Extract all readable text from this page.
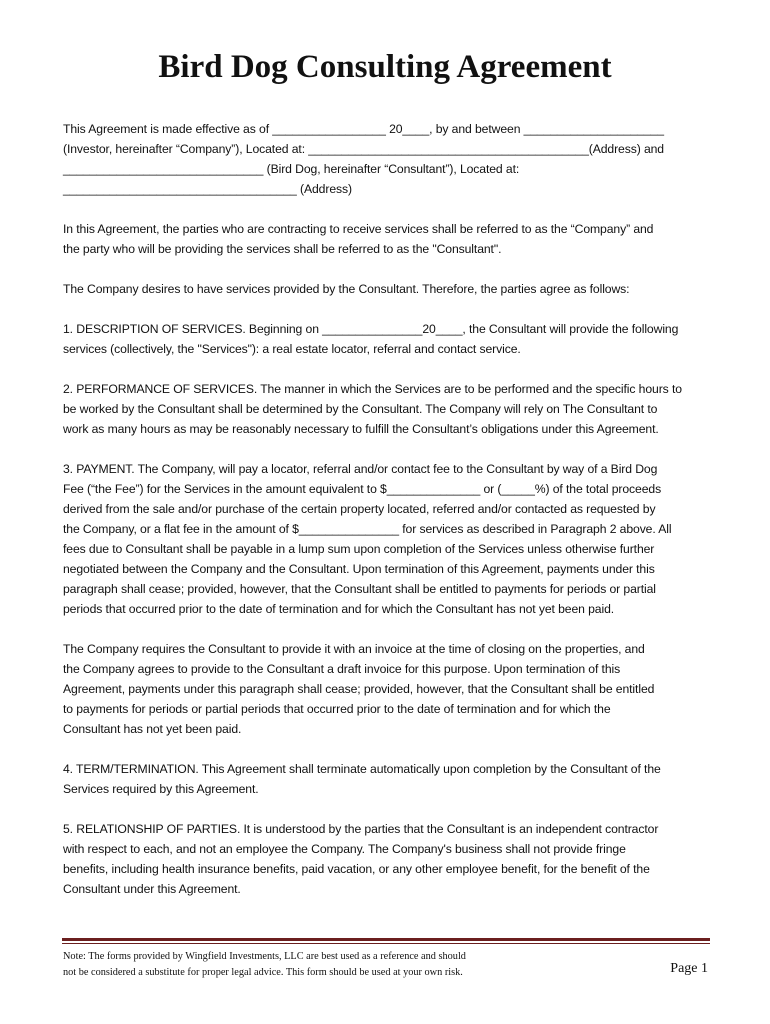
Bird Dog Consulting Agreement

This Agreement is made effective as of _________________ 20____, by and between _____________________
(Investor, hereinafter “Company”), Located at: __________________________________________(Address) and
______________________________ (Bird Dog, hereinafter “Consultant”), Located at:
___________________________________ (Address)

In this Agreement, the parties who are contracting to receive services shall be referred to as the “Company” and
the party who will be providing the services shall be referred to as the "Consultant".

The Company desires to have services provided by the Consultant. Therefore, the parties agree as follows:

1. DESCRIPTION OF SERVICES. Beginning on _______________20____, the Consultant will provide the following
services (collectively, the "Services"): a real estate locator, referral and contact service.

2. PERFORMANCE OF SERVICES. The manner in which the Services are to be performed and the specific hours to
be worked by the Consultant shall be determined by the Consultant. The Company will rely on The Consultant to
work as many hours as may be reasonably necessary to fulfill the Consultant’s obligations under this Agreement.

3. PAYMENT. The Company, will pay a locator, referral and/or contact fee to the Consultant by way of a Bird Dog
Fee (“the Fee”) for the Services in the amount equivalent to $______________ or (_____%) of the total proceeds
derived from the sale and/or purchase of the certain property located, referred and/or contacted as requested by
the Company, or a flat fee in the amount of $_______________ for services as described in Paragraph 2 above. All
fees due to Consultant shall be payable in a lump sum upon completion of the Services unless otherwise further
negotiated between the Company and the Consultant. Upon termination of this Agreement, payments under this
paragraph shall cease; provided, however, that the Consultant shall be entitled to payments for periods or partial
periods that occurred prior to the date of termination and for which the Consultant has not yet been paid.

The Company requires the Consultant to provide it with an invoice at the time of closing on the properties, and
the Company agrees to provide to the Consultant a draft invoice for this purpose. Upon termination of this
Agreement, payments under this paragraph shall cease; provided, however, that the Consultant shall be entitled
to payments for periods or partial periods that occurred prior to the date of termination and for which the
Consultant has not yet been paid.

4. TERM/TERMINATION. This Agreement shall terminate automatically upon completion by the Consultant of the
Services required by this Agreement.

5. RELATIONSHIP OF PARTIES. It is understood by the parties that the Consultant is an independent contractor
with respect to each, and not an employee the Company. The Company's business shall not provide fringe
benefits, including health insurance benefits, paid vacation, or any other employee benefit, for the benefit of the
Consultant under this Agreement.

Note: The forms provided by Wingfield Investments, LLC are best used as a reference and should
not be considered a substitute for proper legal advice. This form should be used at your own risk.	Page 1
